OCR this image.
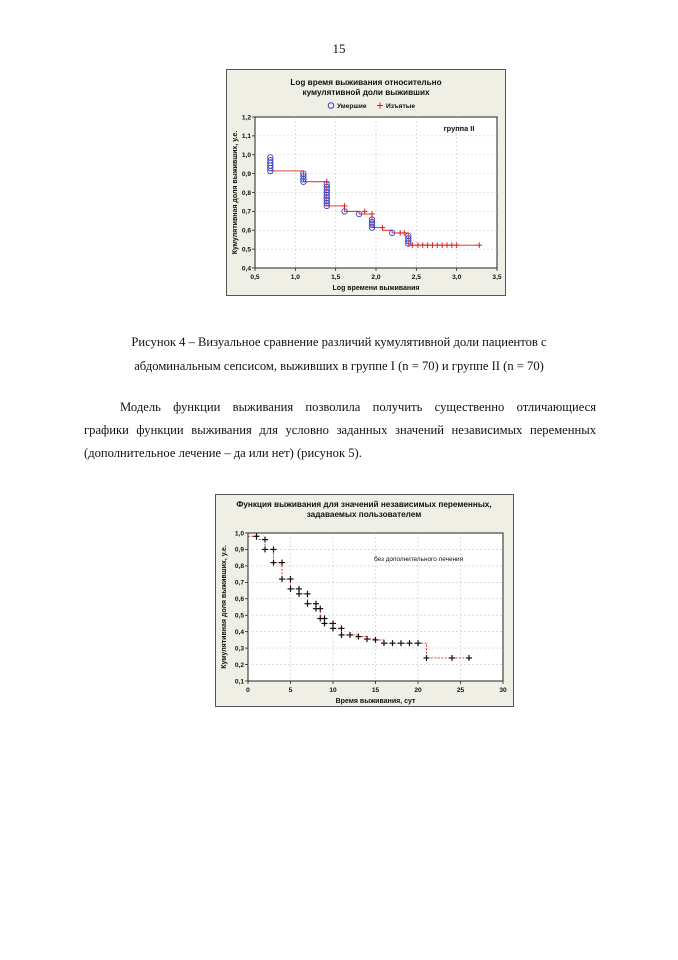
15
Log время выживания относительно
кумулятивной доли выживших
0,5	1,0	1,5	2,0	2,5	3,0	3,5
0,4
0,5
0,6
0,7
0,8
0,9
1,0
1,1
1,2
Log времени выживания
Кумулятивная доля выживших, у.е.
группа II
Умершие	Изъятые
Рисунок 4 – Визуальное сравнение различий кумулятивной доли пациентов с
абдоминальным сепсисом, выживших в группе I (n = 70) и группе II (n = 70)
Модель функции выживания позволила получить существенно отличающиеся
графики функции выживания для условно заданных значений независимых переменных
(дополнительное лечение – да или нет) (рисунок 5).
Функция выживания для значений независимых переменных,
задаваемых пользователем
0	5	10	15	20	25	30
0,1
0,2
0,3
0,4
0,5
0,6
0,7
0,8
0,9
1,0
Время выживания, сут
Кумулятивная доля выживших, у.е.	без дополнительного лечения
